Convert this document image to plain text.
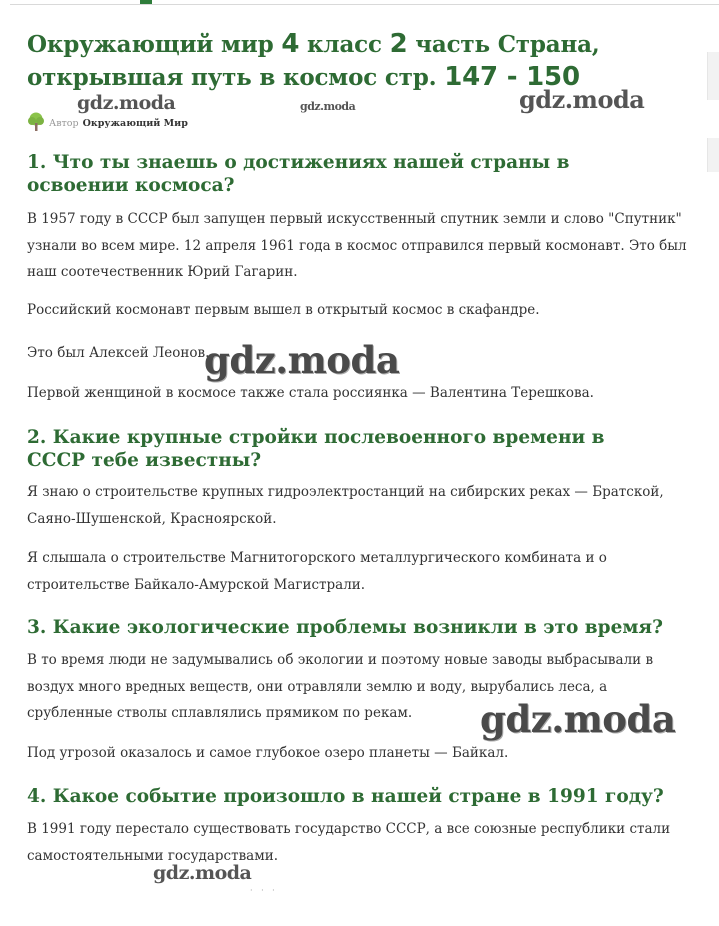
Окружающий мир 4 класс 2 часть Страна, открывшая путь в космос стр. 147 - 150
Автор Окружающий Мир
1. Что ты знаешь о достижениях нашей страны в освоении космоса?

В 1957 году в СССР был запущен первый искусственный спутник земли и слово "Спутник" узнали во всем мире. 12 апреля 1961 года в космос отправился первый космонавт. Это был наш соотечественник Юрий Гагарин.

Российский космонавт первым вышел в открытый космос в скафандре.

Это был Алексей Леонов.

Первой женщиной в космосе также стала россиянка — Валентина Терешкова.

2. Какие крупные стройки послевоенного времени в СССР тебе известны?

Я знаю о строительстве крупных гидроэлектростанций на сибирских реках — Братской, Саяно-Шушенской, Красноярской.

Я слышала о строительстве Магнитогорского металлургического комбината и о строительстве Байкало-Амурской Магистрали.

3. Какие экологические проблемы возникли в это время?

В то время люди не задумывались об экологии и поэтому новые заводы выбрасывали в воздух много вредных веществ, они отравляли землю и воду, вырубались леса, а срубленные стволы сплавлялись прямиком по рекам.

Под угрозой оказалось и самое глубокое озеро планеты — Байкал.

4. Какое событие произошло в нашей стране в 1991 году?

В 1991 году перестало существовать государство СССР, а все союзные республики стали самостоятельными государствами.

gdz.moda	gdz.moda	gdz.moda
gdz.moda
gdz.moda
gdz.moda
· · ·
